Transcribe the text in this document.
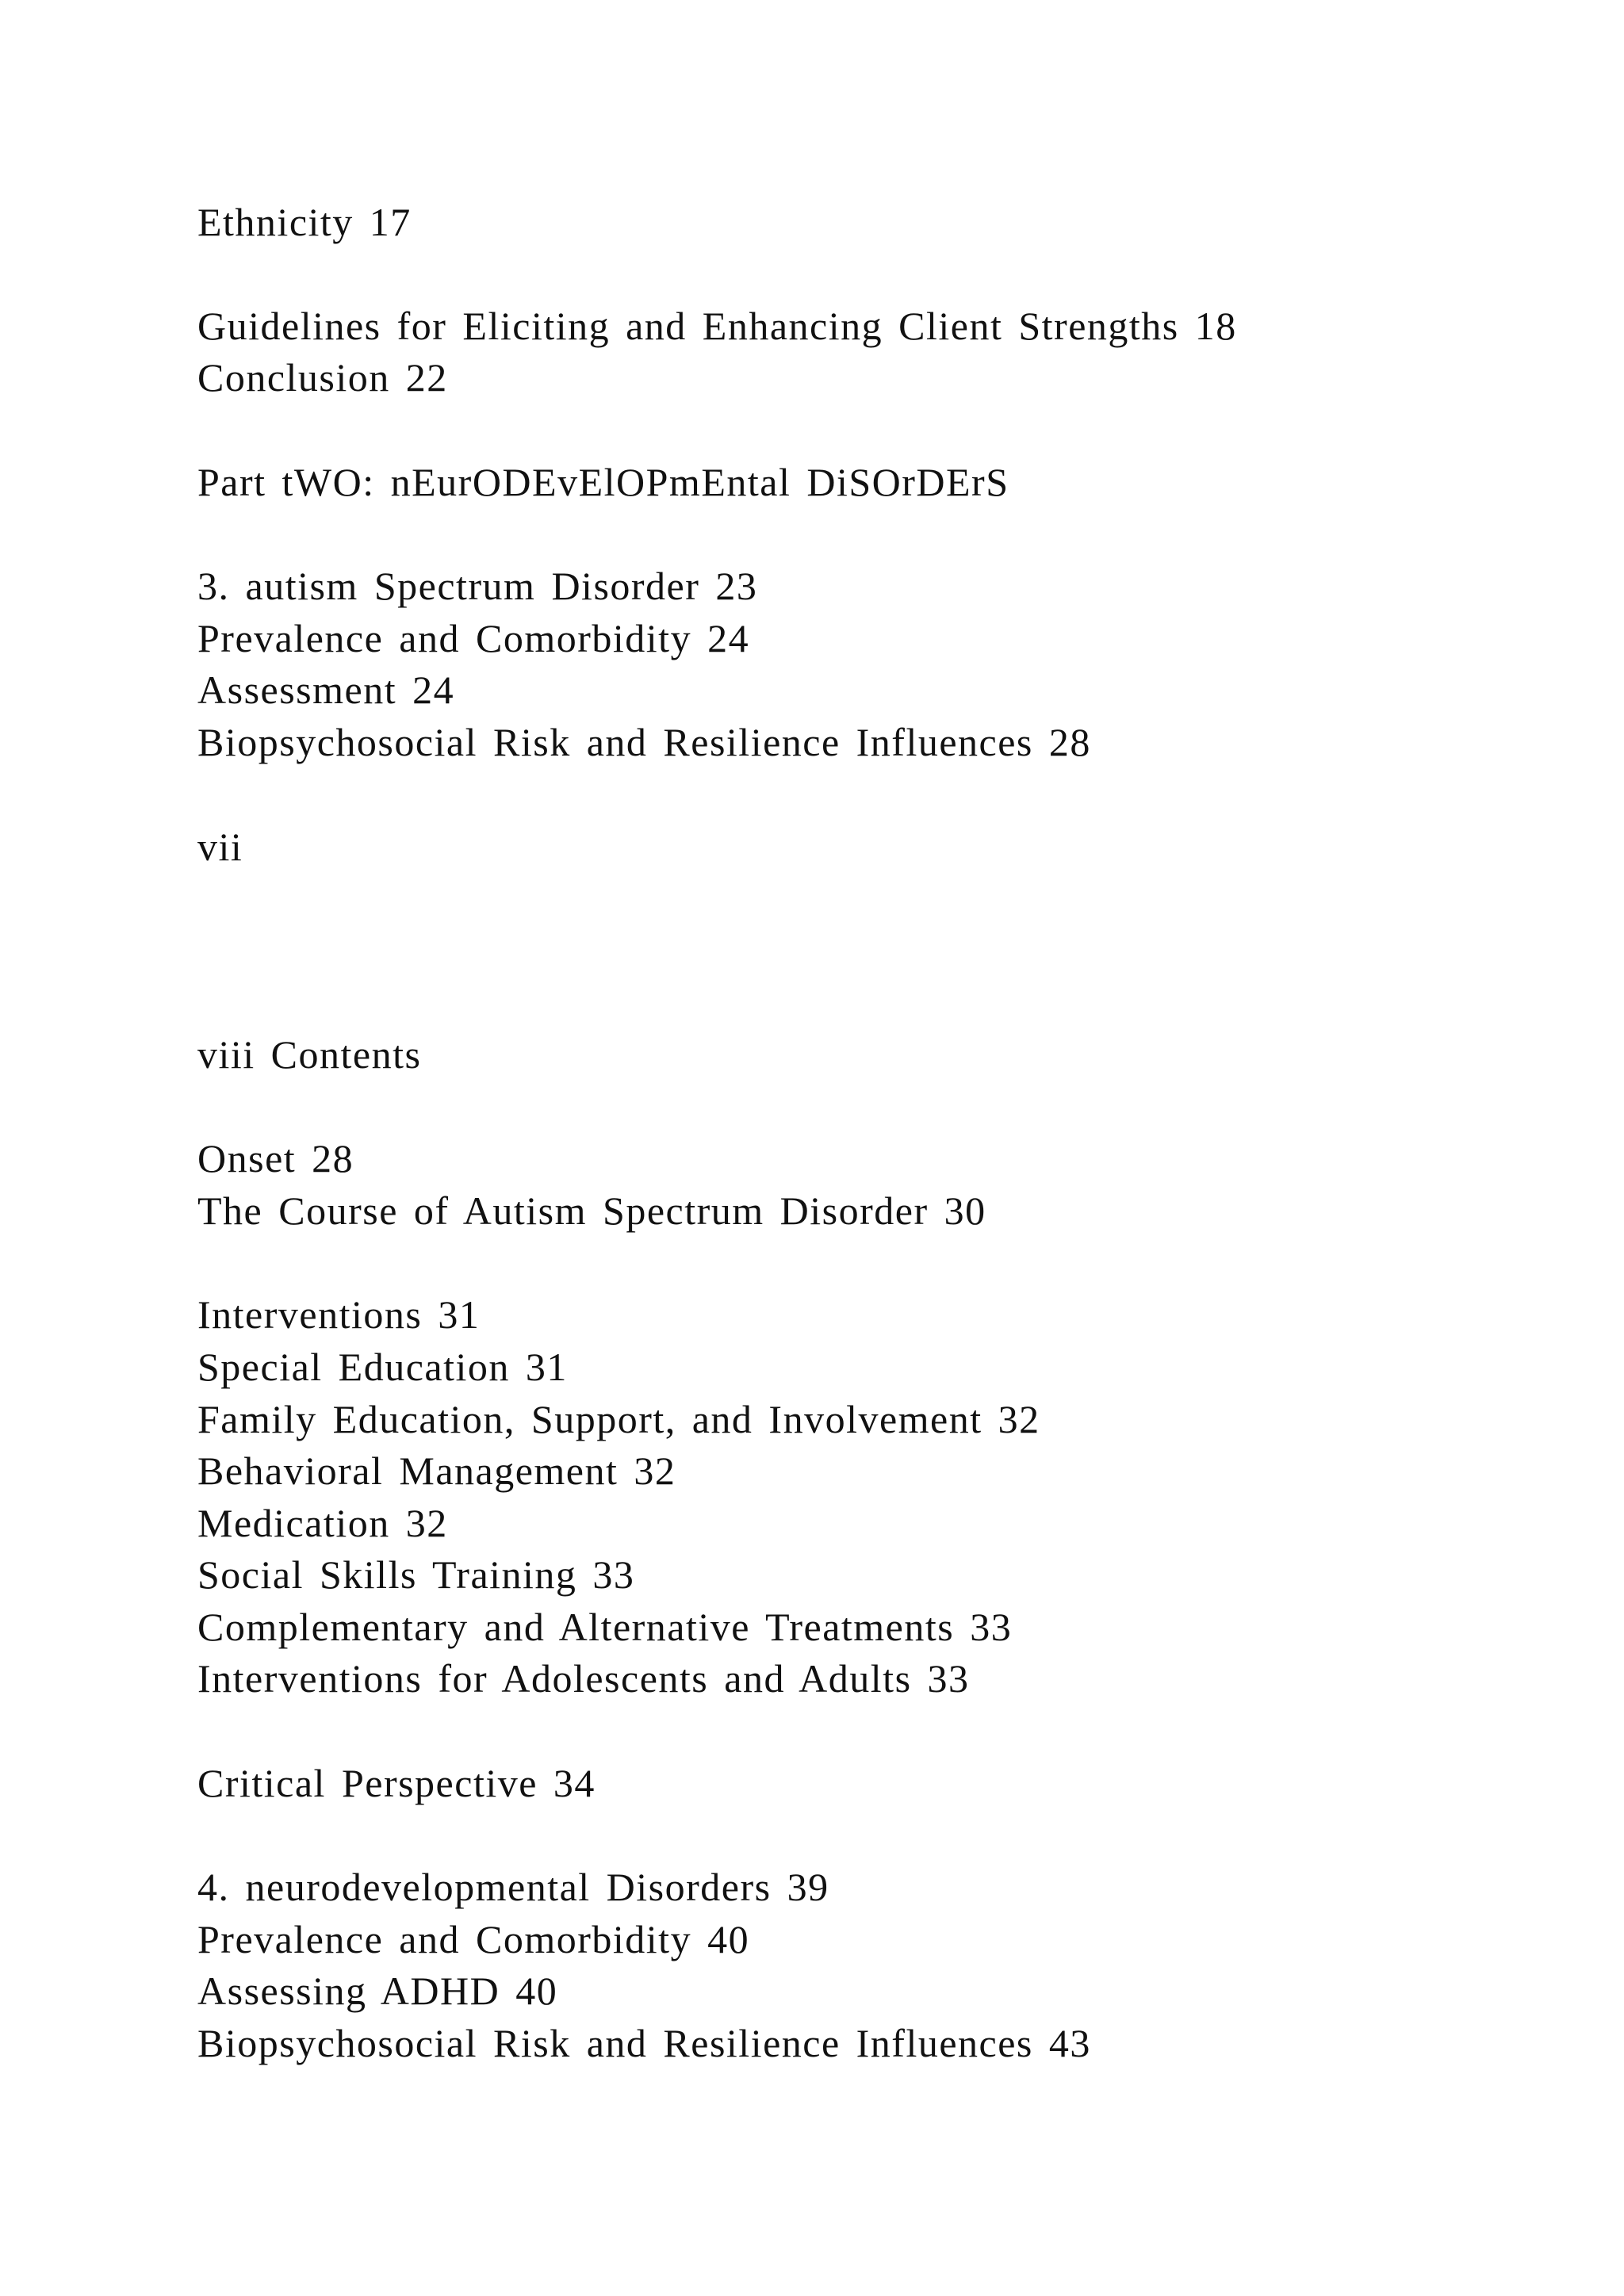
Ethnicity 17
Guidelines for Eliciting and Enhancing Client Strengths 18
Conclusion 22
Part tWO: nEurODEvElOPmEntal DiSOrDErS
3. autism Spectrum Disorder 23
Prevalence and Comorbidity 24
Assessment 24
Biopsychosocial Risk and Resilience Influences 28
vii
viii Contents
Onset 28
The Course of Autism Spectrum Disorder 30
Interventions 31
Special Education 31
Family Education, Support, and Involvement 32
Behavioral Management 32
Medication 32
Social Skills Training 33
Complementary and Alternative Treatments 33
Interventions for Adolescents and Adults 33
Critical Perspective 34
4. neurodevelopmental Disorders 39
Prevalence and Comorbidity 40
Assessing ADHD 40
Biopsychosocial Risk and Resilience Influences 43
